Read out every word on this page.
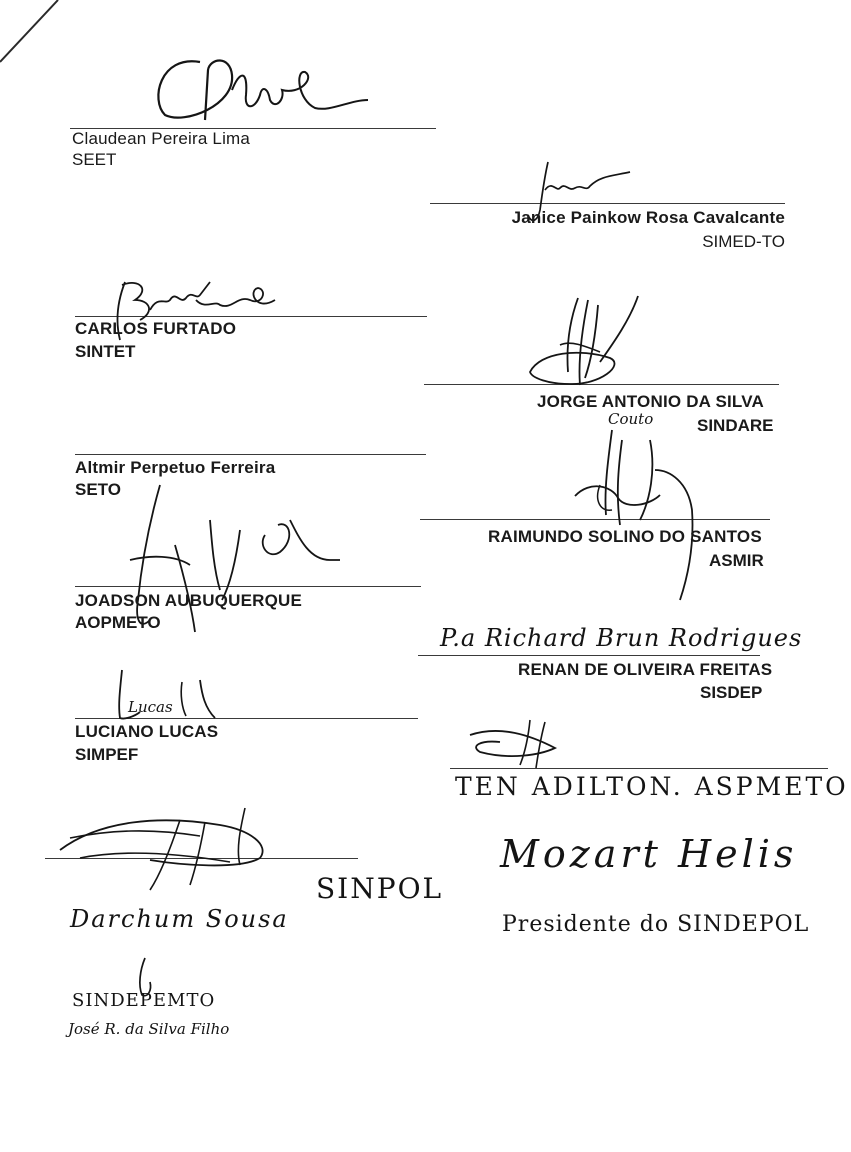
Claudean Pereira Lima
SEET
Janice Painkow Rosa Cavalcante
SIMED-TO
CARLOS FURTADO
SINTET
JORGE ANTONIO DA SILVA
Couto	SINDARE
Altmir Perpetuo Ferreira
SETO
RAIMUNDO SOLINO DO SANTOS
ASMIR
JOADSON AUBUQUERQUE
AOPMETO
P.a Richard Brun Rodrigues
RENAN DE OLIVEIRA FREITAS
SISDEP
Lucas
LUCIANO LUCAS
SIMPEF
TEN ADILTON. ASPMETO
SINPOL
Darchum Sousa
Mozart Helis
Presidente do SINDEPOL
SINDEPEMTO
José R. da Silva Filho
